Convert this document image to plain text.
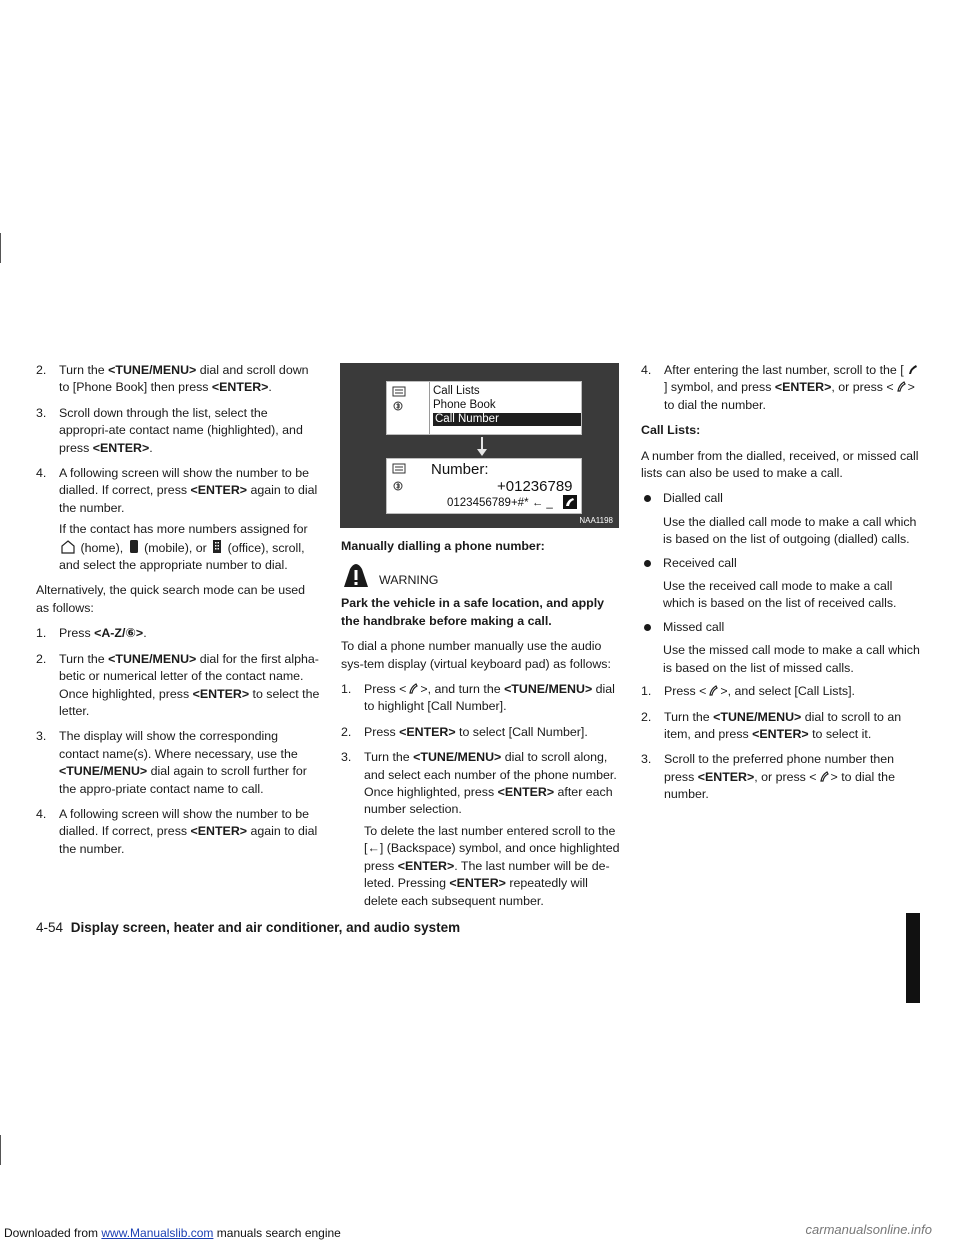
2. Turn the <TUNE/MENU> dial and scroll down to [Phone Book] then press <ENTER>.
3. Scroll down through the list, select the appropri-ate contact name (highlighted), and press <ENTER>.
4. A following screen will show the number to be dialled. If correct, press <ENTER> again to dial the number.
If the contact has more numbers assigned for  (home), (mobile), or (office), scroll, and select the appropriate number to dial.

Alternatively, the quick search mode can be used as follows:

1. Press <A-Z/⑥>.
2. Turn the <TUNE/MENU> dial for the first alpha-betic or numerical letter of the contact name. Once highlighted, press <ENTER> to select the letter.
3. The display will show the corresponding contact name(s). Where necessary, use the <TUNE/MENU> dial again to scroll further for the appro-priate contact name to call.
4. A following screen will show the number to be dialled. If correct, press <ENTER> again to dial the number.
Call Lists
Phone Book
Call Number
Number:
+01236789
0123456789+#* ← _
NAA1198

Manually dialling a phone number:

WARNING

Park the vehicle in a safe location, and apply the handbrake before making a call.

To dial a phone number manually use the audio sys-tem display (virtual keyboard pad) as follows:

1. Press < >, and turn the <TUNE/MENU> dial to highlight [Call Number].
2. Press <ENTER> to select [Call Number].
3. Turn the <TUNE/MENU> dial to scroll along, and select each number of the phone number. Once highlighted, press <ENTER> after each number selection.
To delete the last number entered scroll to the [←] (Backspace) symbol, and once highlighted press <ENTER>. The last number will be de-leted. Pressing <ENTER> repeatedly will delete each subsequent number.
4. After entering the last number, scroll to the [] symbol, and press <ENTER>, or press < > to dial the number.

Call Lists:

A number from the dialled, received, or missed call lists can also be used to make a call.

Dialled call
Use the dialled call mode to make a call which is based on the list of outgoing (dialled) calls.
Received call
Use the received call mode to make a call which is based on the list of received calls.
Missed call
Use the missed call mode to make a call which is based on the list of missed calls.
1. Press < >, and select [Call Lists].
2. Turn the <TUNE/MENU> dial to scroll to an item, and press <ENTER> to select it.
3. Scroll to the preferred phone number then press <ENTER>, or press < > to dial the number.
4-54 Display screen, heater and air conditioner, and audio system
Downloaded from www.Manualslib.com manuals search engine	carmanualsonline.info
